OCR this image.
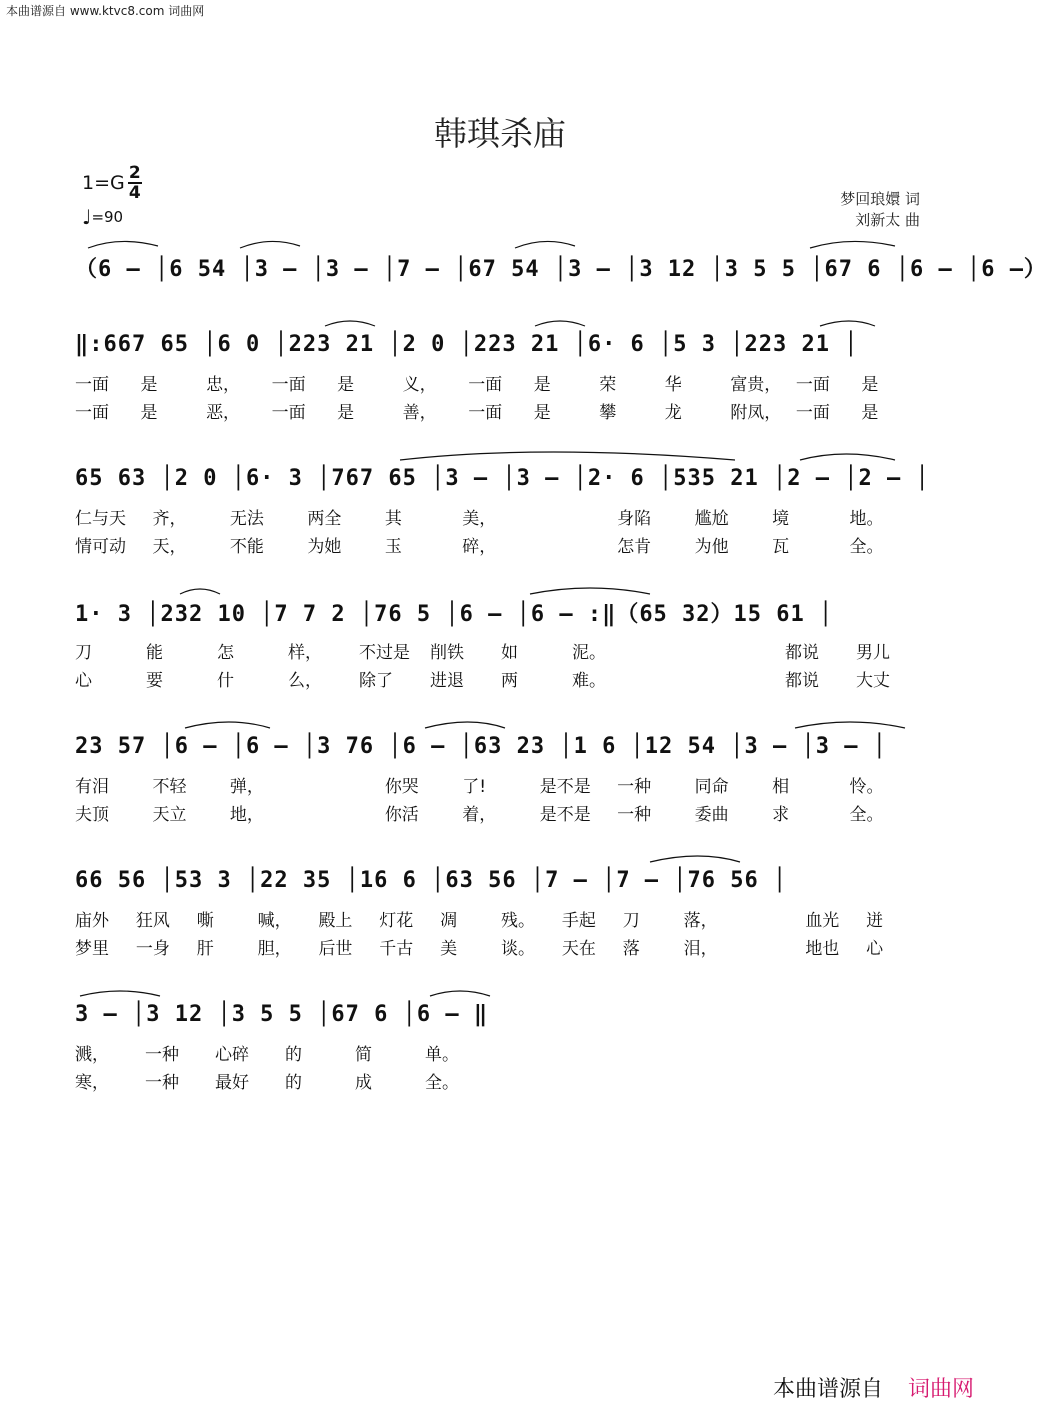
本曲谱源自 www.ktvc8.com 词曲网
韩琪杀庙
$1=G \frac{2}{4}$
♩ =90
梦回琅嬛 词
刘新太 曲
（6 – │6 54 │3 – │3 – │7 – │67 54 │3 – │3 12 │3 5 5 │67 6 │6 – │6 –）
‖:667 65 │6 0 │223 21 │2 0 │223 21 │6· 6 │5 3 │223 21 │
一面	是	忠，	一面	是	义，	一面	是	荣	华	富贵， 一面	是
一面	是	恶，	一面	是	善，	一面	是	攀	龙	附凤， 一面	是
65 63 │2 0 │6· 3 │767 65 │3 – │3 – │2· 6 │535 21 │2 – │2 – │
仁与天	齐，	无法	两全	其	美，	身陷	尴尬	境	地。
情可动	天，	不能	为她	玉	碎，	怎肯	为他	瓦	全。
1· 3 │232 10 │7 7 2 │76 5 │6 – │6 – :‖（65 32）15 61 │
刀	能	怎	样，	不过是	削铁	如	泥。	都说	男儿
心	要	什	么，	除了	进退	两	难。	都说	大丈
23 57 │6 – │6 – │3 76 │6 – │63 23 │1 6 │12 54 │3 – │3 – │
有泪	不轻	弹，	你哭	了!	是不是	一种	同命	相	怜。
夫顶	天立	地，	你活	着，	是不是	一种	委曲	求	全。
66 56 │53 3 │22 35 │16 6 │63 56 │7 – │7 – │76 56 │
庙外	狂风	嘶	喊，	殿上	灯花	凋	残。	手起	刀	落，	血光	迸
梦里	一身	肝	胆，	后世	千古	美	谈。	天在	落	泪，	地也	心
3 – │3 12 │3 5 5 │67 6 │6 – ‖
溅，	一种	心碎	的	简	单。
寒，	一种	最好	的	成	全。
本曲谱源自 词曲网
